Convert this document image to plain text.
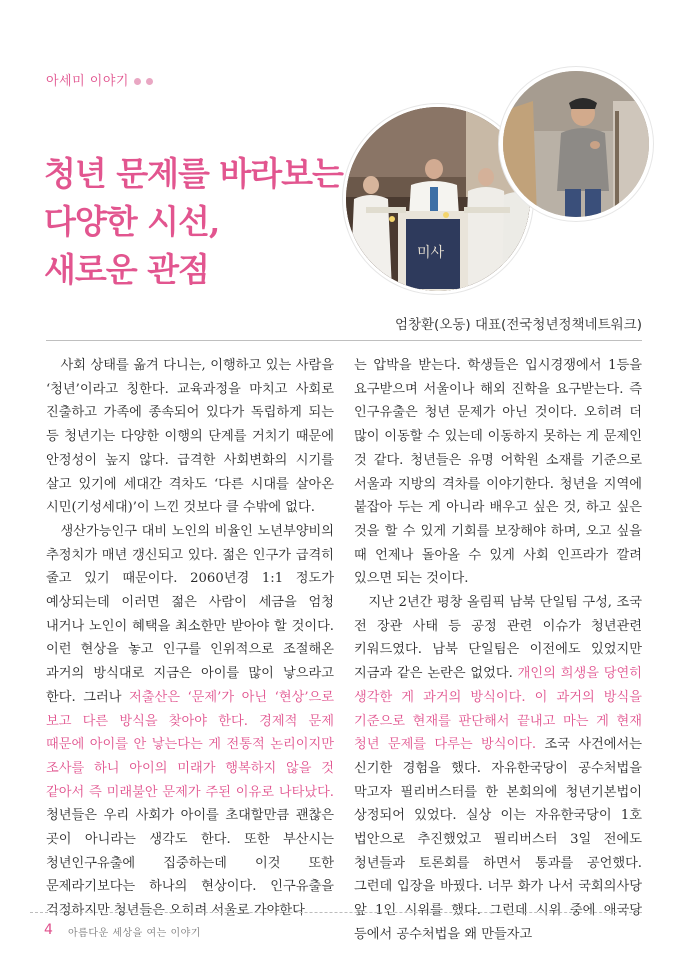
아세미 이야기
청년 문제를 바라보는
다양한 시선,
새로운 관점	미사
엄창환(오동) 대표(전국청년정책네트워크)

사회 상태를 옮겨 다니는, 이행하고 있는 사람을 ‘청년’이라고 칭한다. 교육과정을 마치고 사회로 진출하고 가족에 종속되어 있다가 독립하게 되는 등 청년기는 다양한 이행의 단계를 거치기 때문에 안정성이 높지 않다. 급격한 사회변화의 시기를 살고 있기에 세대간 격차도 ‘다른 시대를 살아온 시민(기성세대)’이 느낀 것보다 클 수밖에 없다.

생산가능인구 대비 노인의 비율인 노년부양비의 추정치가 매년 갱신되고 있다. 젊은 인구가 급격히 줄고 있기 때문이다. 2060년경 1:1 정도가 예상되는데 이러면 젊은 사람이 세금을 엄청 내거나 노인이 혜택을 최소한만 받아야 할 것이다. 이런 현상을 놓고 인구를 인위적으로 조절해온 과거의 방식대로 지금은 아이를 많이 낳으라고 한다. 그러나 저출산은 ‘문제’가 아닌 ‘현상’으로 보고 다른 방식을 찾아야 한다. 경제적 문제 때문에 아이를 안 낳는다는 게 전통적 논리이지만 조사를 하니 아이의 미래가 행복하지 않을 것 같아서 즉 미래불안 문제가 주된 이유로 나타났다. 청년들은 우리 사회가 아이를 초대할만큼 괜찮은 곳이 아니라는 생각도 한다. 또한 부산시는 청년인구유출에 집중하는데 이것 또한 문제라기보다는 하나의 현상이다. 인구유출을 걱정하지만 청년들은 오히려 서울로 가야한다

는 압박을 받는다. 학생들은 입시경쟁에서 1등을 요구받으며 서울이나 해외 진학을 요구받는다. 즉 인구유출은 청년 문제가 아닌 것이다. 오히려 더 많이 이동할 수 있는데 이동하지 못하는 게 문제인 것 같다. 청년들은 유명 어학원 소재를 기준으로 서울과 지방의 격차를 이야기한다. 청년을 지역에 붙잡아 두는 게 아니라 배우고 싶은 것, 하고 싶은 것을 할 수 있게 기회를 보장해야 하며, 오고 싶을 때 언제나 돌아올 수 있게 사회 인프라가 깔려 있으면 되는 것이다.

지난 2년간 평창 올림픽 남북 단일팀 구성, 조국 전 장관 사태 등 공정 관련 이슈가 청년관련 키워드였다. 남북 단일팀은 이전에도 있었지만 지금과 같은 논란은 없었다. 개인의 희생을 당연히 생각한 게 과거의 방식이다. 이 과거의 방식을 기준으로 현재를 판단해서 끝내고 마는 게 현재 청년 문제를 다루는 방식이다. 조국 사건에서는 신기한 경험을 했다. 자유한국당이 공수처법을 막고자 필리버스터를 한 본회의에 청년기본법이 상정되어 있었다. 실상 이는 자유한국당이 1호 법안으로 추진했었고 필리버스터 3일 전에도 청년들과 토론회를 하면서 통과를 공언했다. 그런데 입장을 바꿨다. 너무 화가 나서 국회의사당 앞 1인 시위를 했다. 그런데 시위 중에 애국당 등에서 공수처법을 왜 만들자고

4 아름다운 세상을 여는 이야기
